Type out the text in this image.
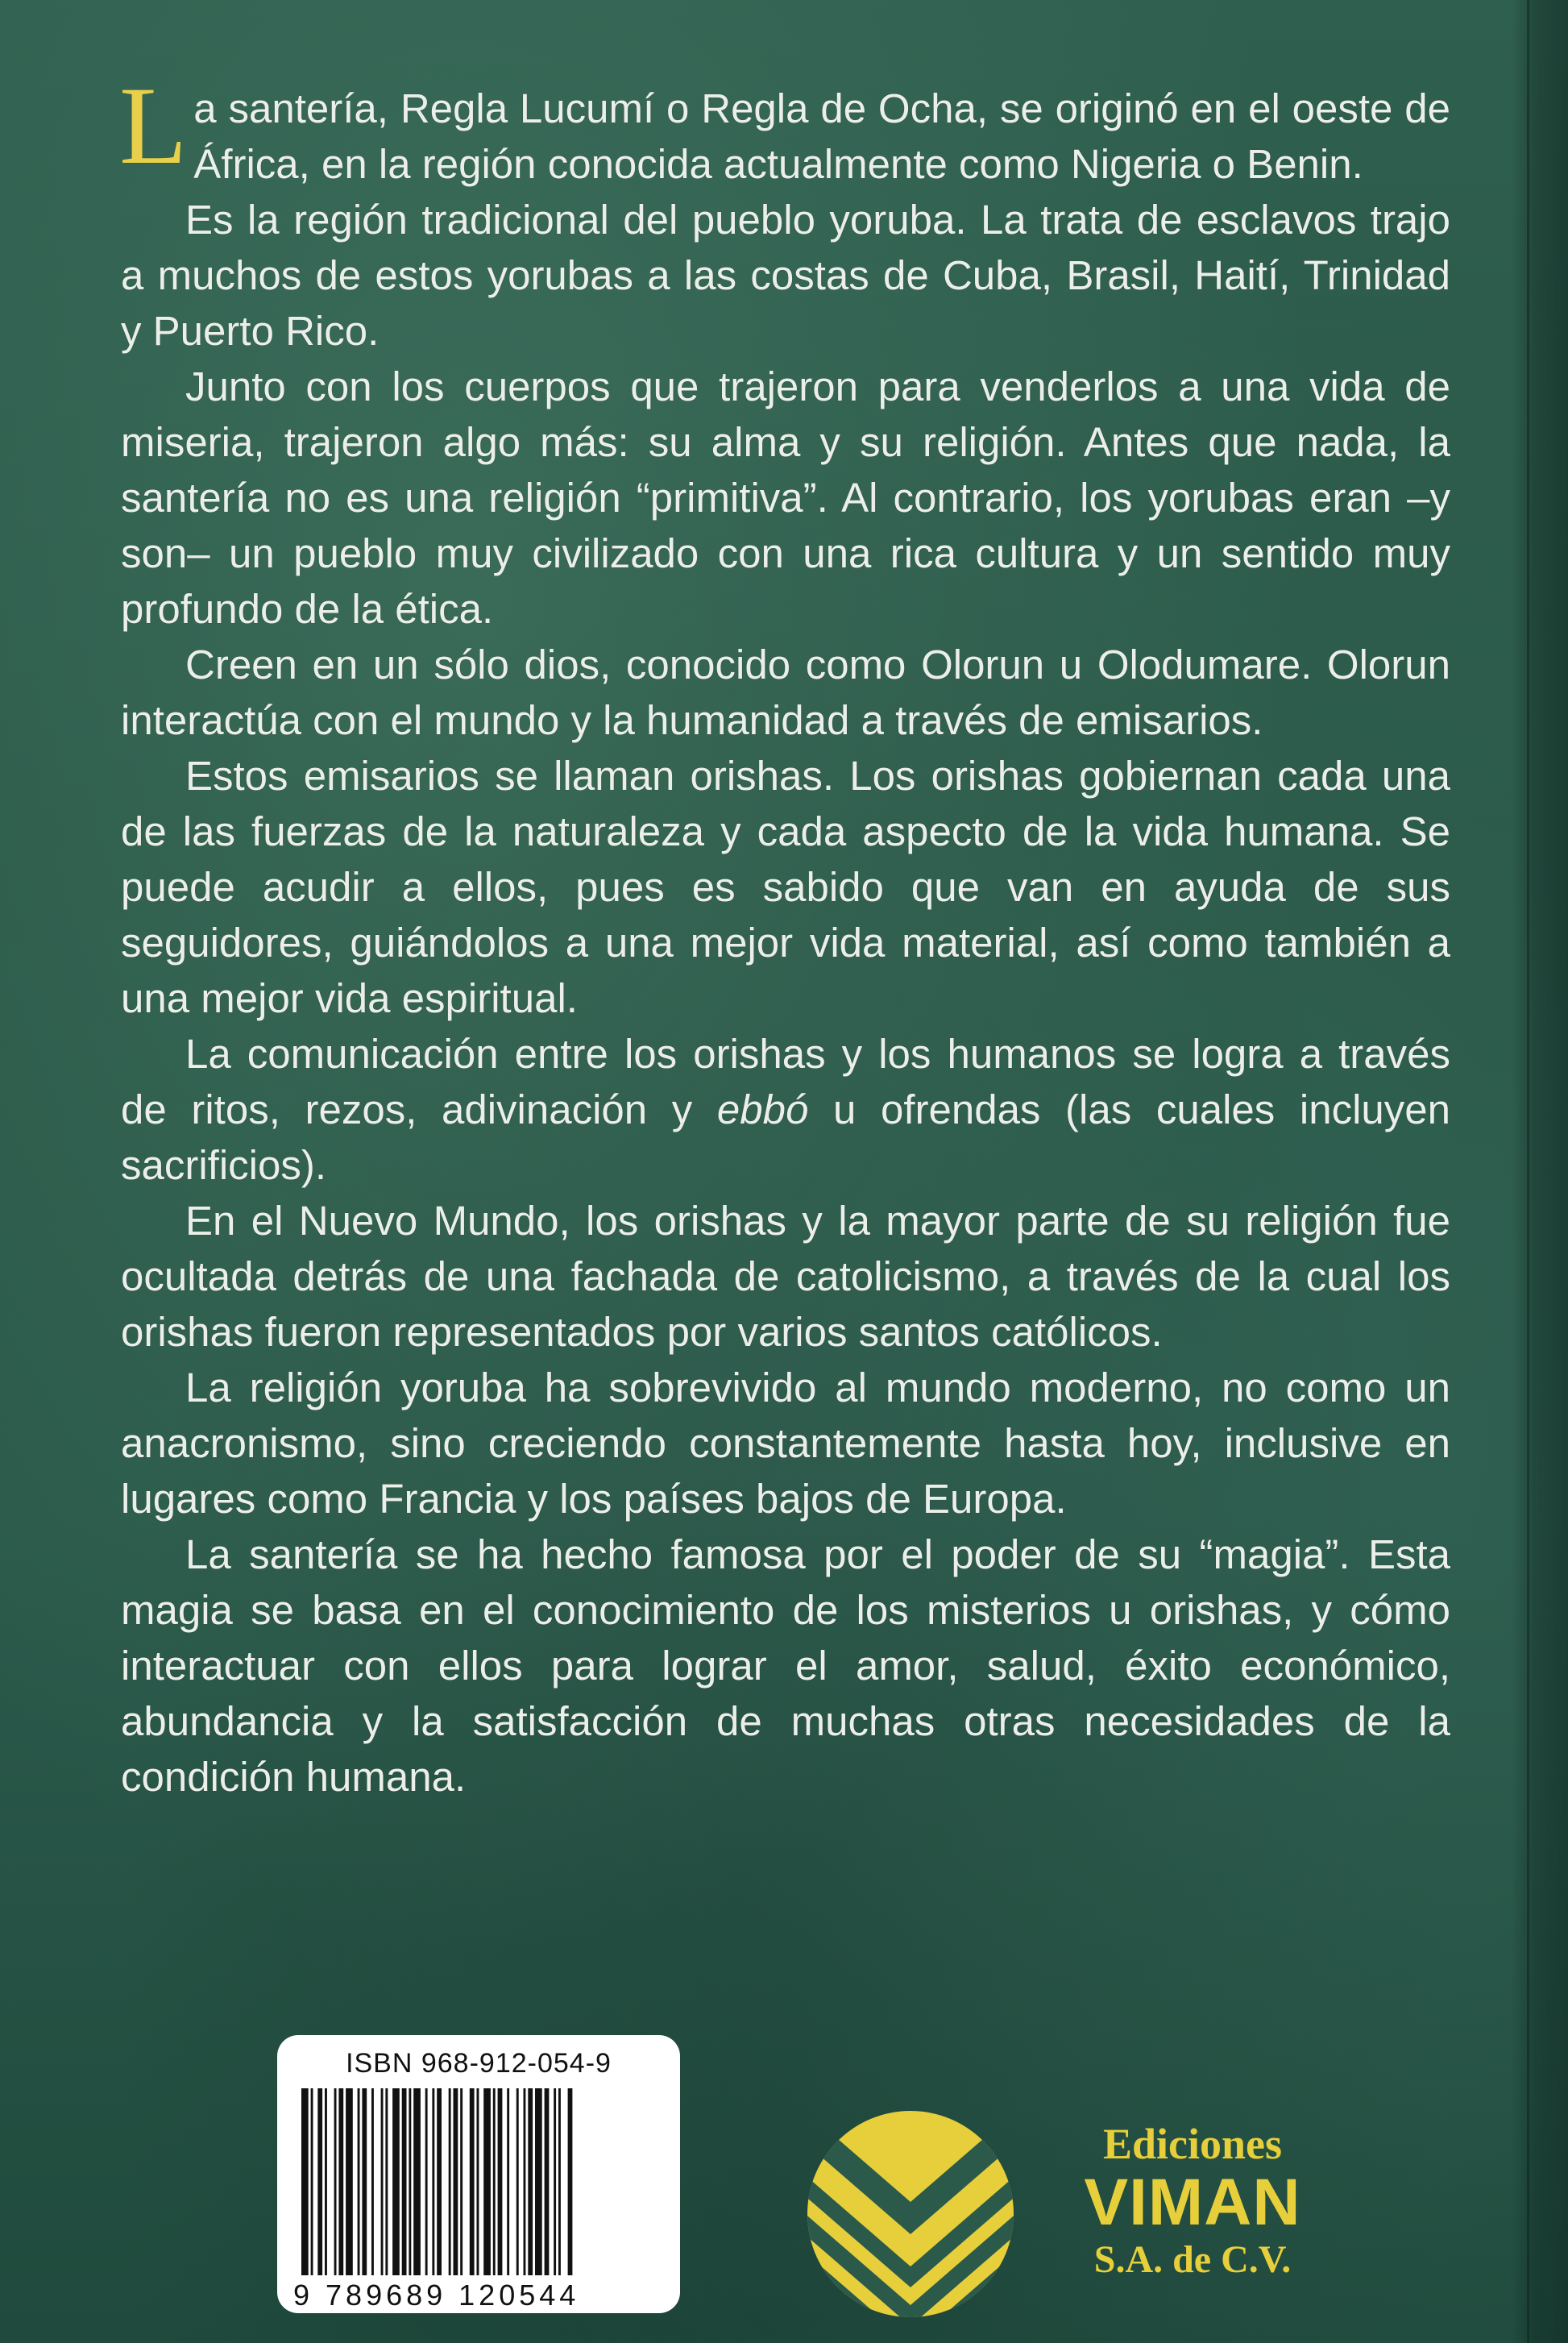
La santería, Regla Lucumí o Regla de Ocha, se originó en el oeste de África, en la región conocida actualmente como Nigeria o Benin.

Es la región tradicional del pueblo yoruba. La trata de esclavos trajo a muchos de estos yorubas a las costas de Cuba, Brasil, Haití, Trinidad y Puerto Rico.

Junto con los cuerpos que trajeron para venderlos a una vida de miseria, trajeron algo más: su alma y su religión. Antes que nada, la santería no es una religión “primitiva”. Al contrario, los yorubas eran –y son– un pueblo muy civilizado con una rica cultura y un sentido muy profundo de la ética.

Creen en un sólo dios, conocido como Olorun u Olodumare. Olorun interactúa con el mundo y la humanidad a través de emisarios.

Estos emisarios se llaman orishas. Los orishas gobiernan cada una de las fuerzas de la naturaleza y cada aspecto de la vida humana. Se puede acudir a ellos, pues es sabido que van en ayuda de sus seguidores, guiándolos a una mejor vida material, así como también a una mejor vida espiritual.

La comunicación entre los orishas y los humanos se logra a través de ritos, rezos, adivinación y ebbó u ofrendas (las cuales incluyen sacrificios).

En el Nuevo Mundo, los orishas y la mayor parte de su religión fue ocultada detrás de una fachada de catolicismo, a través de la cual los orishas fueron representados por varios santos católicos.

La religión yoruba ha sobrevivido al mundo moderno, no como un anacronismo, sino creciendo constantemente hasta hoy, inclusive en lugares como Francia y los países bajos de Europa.

La santería se ha hecho famosa por el poder de su “magia”. Esta magia se basa en el conocimiento de los misterios u orishas, y cómo interactuar con ellos para lograr el amor, salud, éxito económico, abundancia y la satisfacción de muchas otras necesidades de la condición humana.

ISBN 968-912-054-9
9 789689 120544
Ediciones
VIMAN
S.A. de C.V.
